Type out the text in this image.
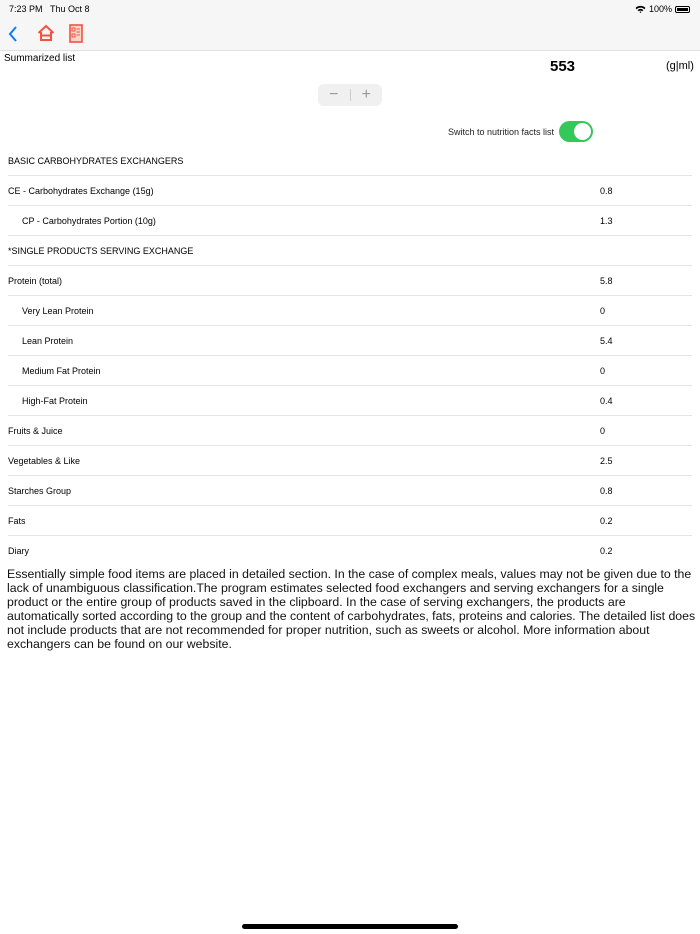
7:23 PM Thu Oct 8	100%
Summarized list	553	(g|ml)
−	+
Switch to nutrition facts list
BASIC CARBOHYDRATES EXCHANGERS
CE - Carbohydrates Exchange (15g)	0.8
CP - Carbohydrates Portion (10g)	1.3
*SINGLE PRODUCTS SERVING EXCHANGE
Protein (total)	5.8
Very Lean Protein	0
Lean Protein	5.4
Medium Fat Protein	0
High-Fat Protein	0.4
Fruits & Juice	0
Vegetables & Like	2.5
Starches Group	0.8
Fats	0.2
Diary	0.2
Essentially simple food items are placed in detailed section. In the case of complex meals, values may not be given due to the lack of unambiguous classification.The program estimates selected food exchangers and serving exchangers for a single product or the entire group of products saved in the clipboard. In the case of serving exchangers, the products are automatically sorted according to the group and the content of carbohydrates, fats, proteins and calories. The detailed list does not include products that are not recommended for proper nutrition, such as sweets or alcohol. More information about exchangers can be found on our website.
